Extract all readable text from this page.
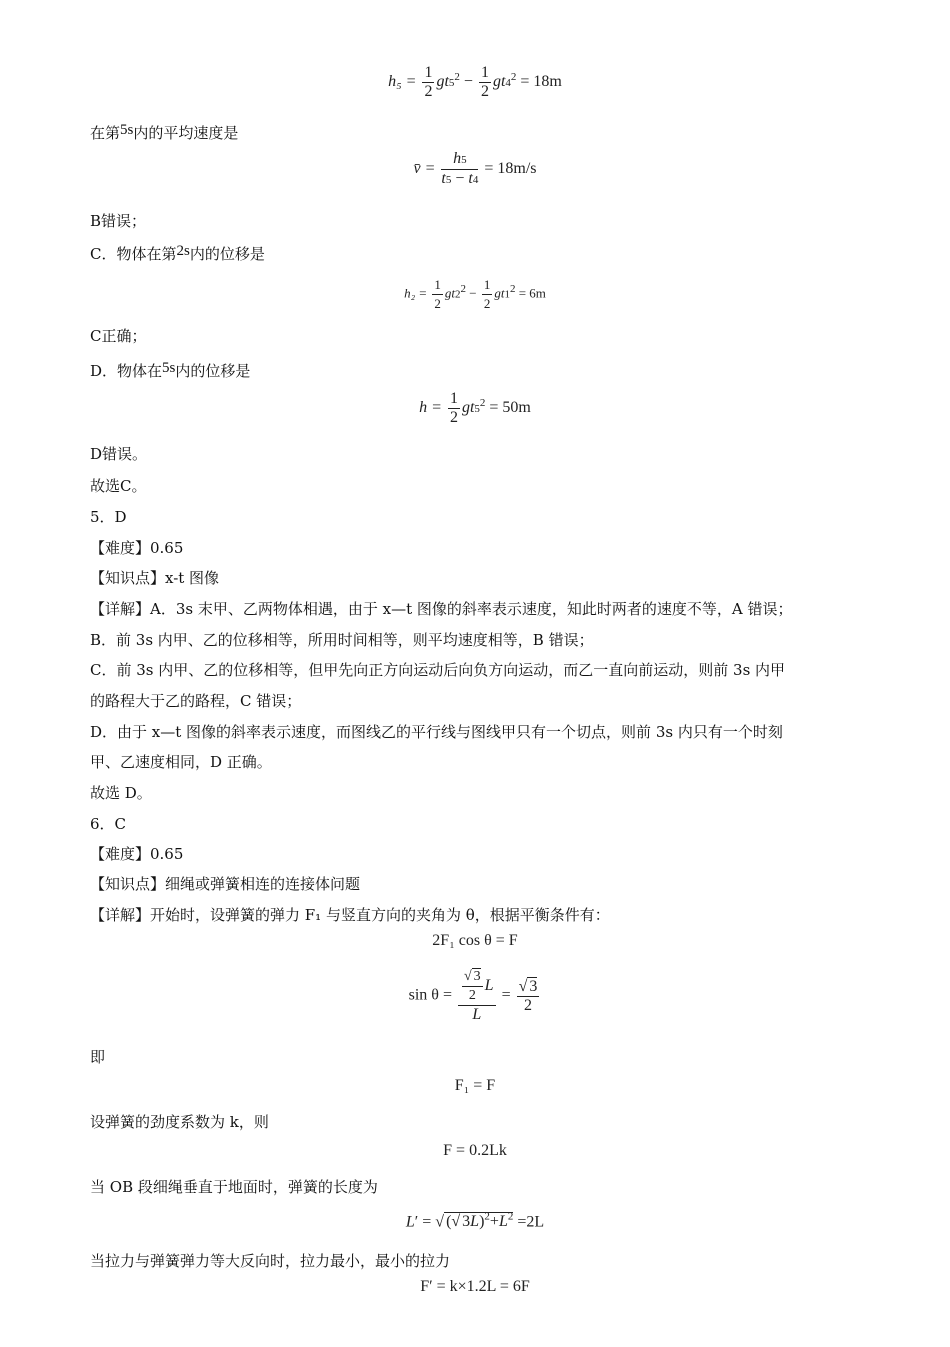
$h_5 = \frac{1}{2} gt5^2 - \frac{1}{2} gt4^2 = 18m$
在第5s内的平均速度是
v̄ = $\frac{h5}{t5 - t4} = 18m/s$
B错误；
C．物体在第2s内的位移是
$h_2 = \frac{1}{2} gt2^2 - \frac{1}{2} gt1^2 = 6m$
C正确；
D．物体在5s内的位移是
$h = \frac{1}{2} gt5^2 = 50m$
D错误。
故选C。
5．D
【难度】0.65
【知识点】x-t 图像
【详解】A．3s 末甲、乙两物体相遇，由于 x—t 图像的斜率表示速度，知此时两者的速度不等，A 错误；
B．前 3s 内甲、乙的位移相等，所用时间相等，则平均速度相等，B 错误；
C．前 3s 内甲、乙的位移相等，但甲先向正方向运动后向负方向运动，而乙一直向前运动，则前 3s 内甲
的路程大于乙的路程，C 错误；
D．由于 x—t 图像的斜率表示速度，而图线乙的平行线与图线甲只有一个切点，则前 3s 内只有一个时刻
甲、乙速度相同，D 正确。
故选 D。
6．C
【难度】0.65
【知识点】细绳或弹簧相连的连接体问题
【详解】开始时，设弹簧的弹力 F₁ 与竖直方向的夹角为 θ，根据平衡条件有：
2F₁ cos θ = F
$\sin \theta = \frac{\frac{√ 3}{2} L}{L} = \frac{√ 3}{2}$
即
F₁ = F
设弹簧的劲度系数为 k，则
F = 0.2Lk
当 OB 段细绳垂直于地面时，弹簧的长度为
L′ = √ (√ $3L)^2+L^2 =2L$
当拉力与弹簧弹力等大反向时，拉力最小，最小的拉力
F′ = k×1.2L = 6F
